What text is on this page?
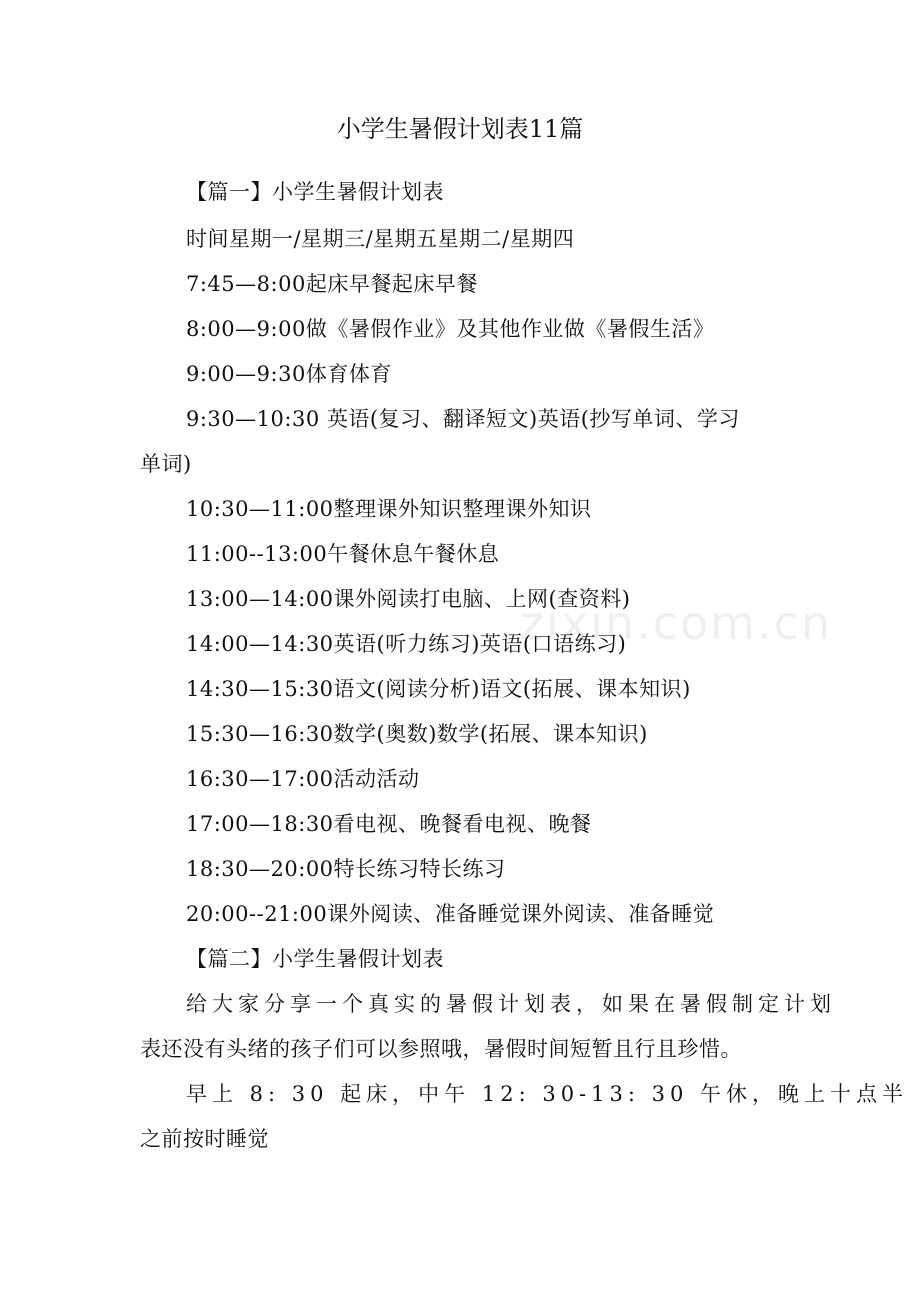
小学生暑假计划表11篇
【篇一】小学生暑假计划表
时间星期一/星期三/星期五星期二/星期四
7:45—8:00起床早餐起床早餐
8:00—9:00做《暑假作业》及其他作业做《暑假生活》
9:00—9:30体育体育
9:30—10:30 英语(复习、翻译短文)英语(抄写单词、学习
单词)
10:30—11:00整理课外知识整理课外知识
11:00--13:00午餐休息午餐休息
13:00—14:00课外阅读打电脑、上网(查资料)
14:00—14:30英语(听力练习)英语(口语练习)
14:30—15:30语文(阅读分析)语文(拓展、课本知识)
15:30—16:30数学(奥数)数学(拓展、课本知识)
16:30—17:00活动活动
17:00—18:30看电视、晚餐看电视、晚餐
18:30—20:00特长练习特长练习
20:00--21:00课外阅读、准备睡觉课外阅读、准备睡觉
【篇二】小学生暑假计划表
给大家分享一个真实的暑假计划表，如果在暑假制定计划
表还没有头绪的孩子们可以参照哦，暑假时间短暂且行且珍惜。
早上 8: 30 起床，中午 12: 30-13: 30 午休，晚上十点半
之前按时睡觉
zixin.com.cn
